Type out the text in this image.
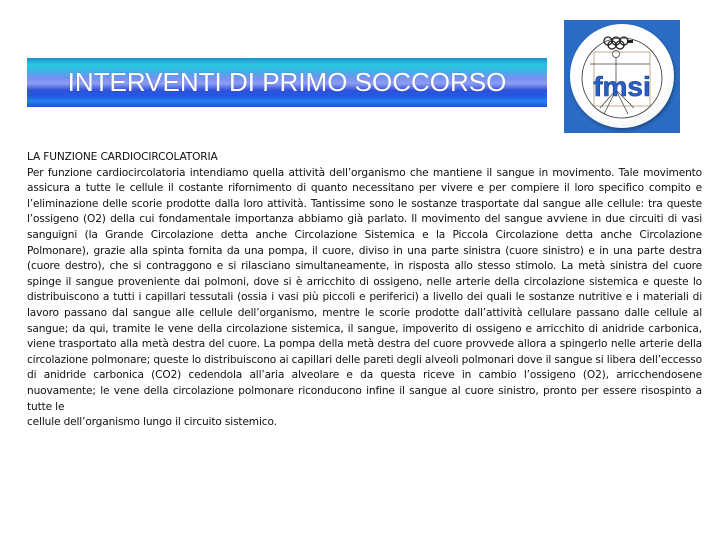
INTERVENTI DI PRIMO SOCCORSO	fmsi

LA FUNZIONE CARDIOCIRCOLATORIA

Per funzione cardiocircolatoria intendiamo quella attività dell’organismo che mantiene il sangue in movimento. Tale movimento assicura a tutte le cellule il costante rifornimento di quanto necessitano per vivere e per compiere il loro specifico compito e l’eliminazione delle scorie prodotte dalla loro attività. Tantissime sono le sostanze trasportate dal sangue alle cellule: tra queste l’ossigeno (O2) della cui fondamentale importanza abbiamo già parlato. Il movimento del sangue avviene in due circuiti di vasi sanguigni (la Grande Circolazione detta anche Circolazione Sistemica e la Piccola Circolazione detta anche Circolazione Polmonare), grazie alla spinta fornita da una pompa, il cuore, diviso in una parte sinistra (cuore sinistro) e in una parte destra (cuore destro), che si contraggono e si rilasciano simultaneamente, in risposta allo stesso stimolo. La metà sinistra del cuore spinge il sangue proveniente dai polmoni, dove si è arricchito di ossigeno, nelle arterie della circolazione sistemica e queste lo distribuiscono a tutti i capillari tessutali (ossia i vasi più piccoli e periferici) a livello dei quali le sostanze nutritive e i materiali di lavoro passano dal sangue alle cellule dell’organismo, mentre le scorie prodotte dall’attività cellulare passano dalle cellule al sangue; da qui, tramite le vene della circolazione sistemica, il sangue, impoverito di ossigeno e arricchito di anidride carbonica, viene trasportato alla metà destra del cuore. La pompa della metà destra del cuore provvede allora a spingerlo nelle arterie della circolazione polmonare; queste lo distribuiscono ai capillari delle pareti degli alveoli polmonari dove il sangue si libera dell’eccesso di anidride carbonica (CO2) cedendola all’aria alveolare e da questa riceve in cambio l’ossigeno (O2), arricchendosene nuovamente; le vene della circolazione polmonare riconducono infine il sangue al cuore sinistro, pronto per essere risospinto a tutte le

cellule dell’organismo lungo il circuito sistemico.
